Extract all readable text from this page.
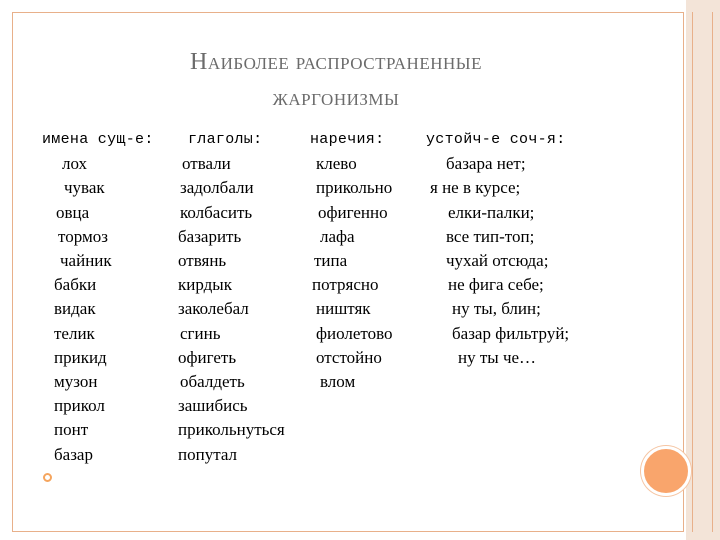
Наиболее распространенные
жаргонизмы
имена сущ-е:
лох
чувак
овца
тормоз
чайник
бабки
видак
телик
прикид
музон
прикол
понт
базар
глаголы:
отвали
задолбали
колбасить
базарить
отвянь
кирдык
заколебал
сгинь
офигеть
обалдеть
зашибись
прикольнуться
попутал
наречия:
клево
прикольно
офигенно
лафа
типа
потрясно
ништяк
фиолетово
отстойно
влом
устойч-е соч-я:
базара нет;
я не в курсе;
елки-палки;
все тип-топ;
чухай отсюда;
не фига себе;
ну ты, блин;
базар фильтруй;
ну ты че…
